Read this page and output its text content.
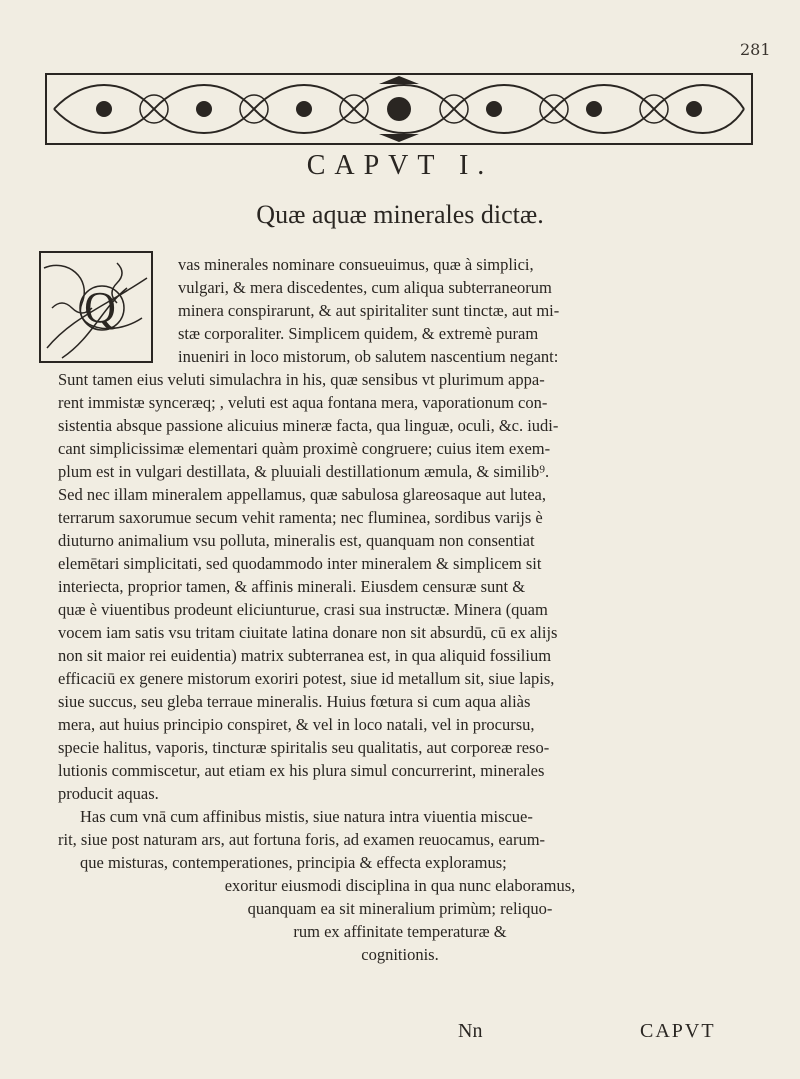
281
CAPVT I.
Quæ aquæ minerales dictæ.
Q
vas minerales nominare consueuimus, quæ à simplici,
vulgari, & mera discedentes, cum aliqua subterraneorum
minera conspirarunt, & aut spiritaliter sunt tinctæ, aut mi-
stæ corporaliter. Simplicem quidem, & extremè puram
inueniri in loco mistorum, ob salutem nascentium negant:
Sunt tamen eius veluti simulachra in his, quæ sensibus vt plurimum appa-
rent immistæ synceræq; , veluti est aqua fontana mera, vaporationum con-
sistentia absque passione alicuius mineræ facta, qua linguæ, oculi, &c. iudi-
cant simplicissimæ elementari quàm proximè congruere; cuius item exem-
plum est in vulgari destillata, & pluuiali destillationum æmula, & similib⁹.
Sed nec illam mineralem appellamus, quæ sabulosa glareosaque aut lutea,
terrarum saxorumue secum vehit ramenta; nec fluminea, sordibus varijs è
diuturno animalium vsu polluta, mineralis est, quanquam non consentiat
elemētari simplicitati, sed quodammodo inter mineralem & simplicem sit
interiecta, proprior tamen, & affinis minerali. Eiusdem censuræ sunt &
quæ è viuentibus prodeunt eliciunturue, crasi sua instructæ. Minera (quam
vocem iam satis vsu tritam ciuitate latina donare non sit absurdū, cū ex alijs
non sit maior rei euidentia) matrix subterranea est, in qua aliquid fossilium
efficaciū ex genere mistorum exoriri potest, siue id metallum sit, siue lapis,
siue succus, seu gleba terraue mineralis. Huius fœtura si cum aqua aliàs
mera, aut huius principio conspiret, & vel in loco natali, vel in procursu,
specie halitus, vaporis, tincturæ spiritalis seu qualitatis, aut corporeæ reso-
lutionis commiscetur, aut etiam ex his plura simul concurrerint, minerales
producit aquas.
Has cum vnā cum affinibus mistis, siue natura intra viuentia miscue-
rit, siue post naturam ars, aut fortuna foris, ad examen reuocamus, earum-
que misturas, contemperationes, principia & effecta exploramus;
exoritur eiusmodi disciplina in qua nunc elaboramus,
quanquam ea sit mineralium primùm; reliquo-
rum ex affinitate temperaturæ &
cognitionis.
Nn	CAPVT
